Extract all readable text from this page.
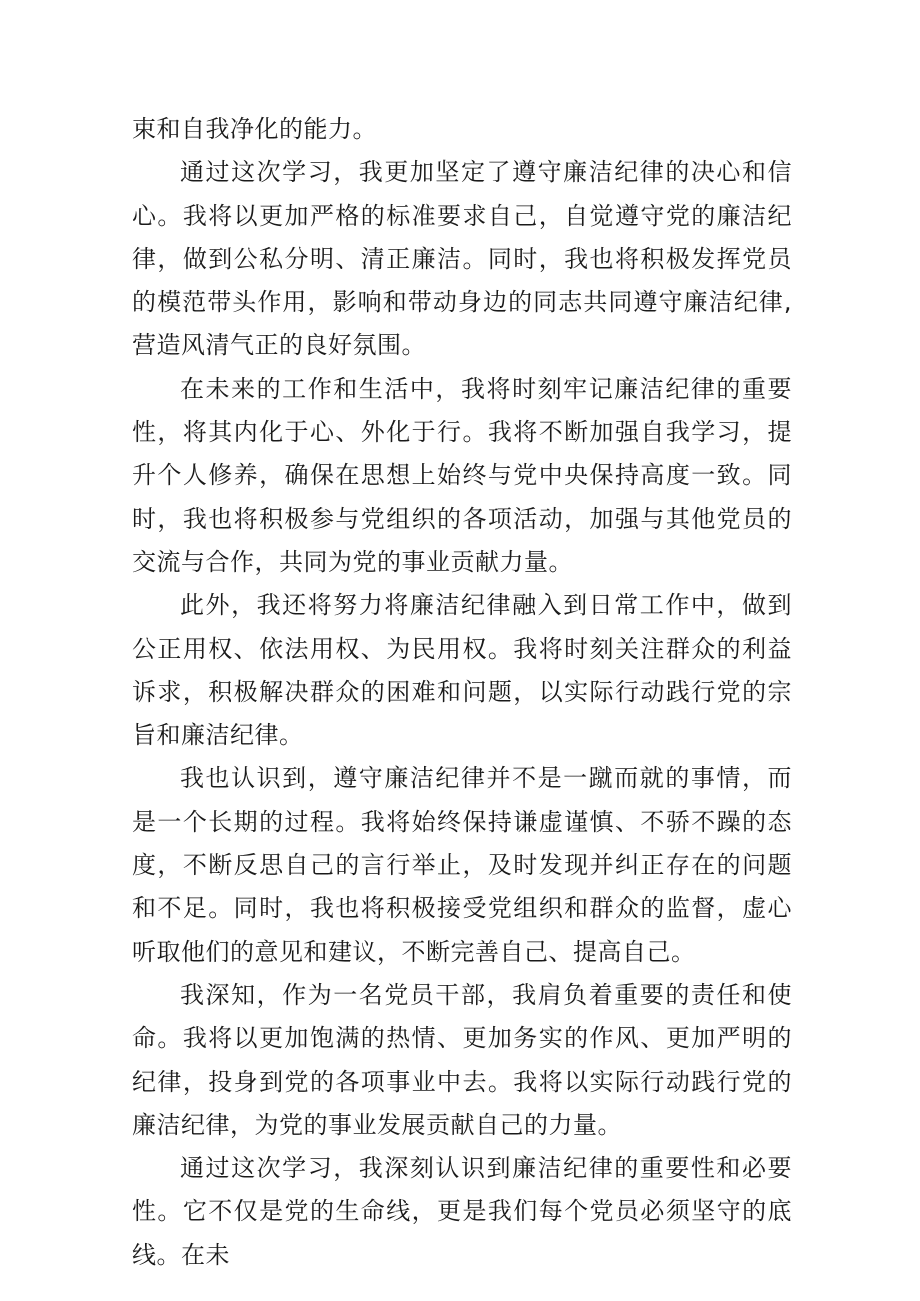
束和自我净化的能力。

通过这次学习，我更加坚定了遵守廉洁纪律的决心和信心。我将以更加严格的标准要求自己，自觉遵守党的廉洁纪律，做到公私分明、清正廉洁。同时，我也将积极发挥党员的模范带头作用，影响和带动身边的同志共同遵守廉洁纪律,营造风清气正的良好氛围。

在未来的工作和生活中，我将时刻牢记廉洁纪律的重要性，将其内化于心、外化于行。我将不断加强自我学习，提升个人修养，确保在思想上始终与党中央保持高度一致。同时，我也将积极参与党组织的各项活动，加强与其他党员的交流与合作，共同为党的事业贡献力量。

此外，我还将努力将廉洁纪律融入到日常工作中，做到公正用权、依法用权、为民用权。我将时刻关注群众的利益诉求，积极解决群众的困难和问题，以实际行动践行党的宗旨和廉洁纪律。

我也认识到，遵守廉洁纪律并不是一蹴而就的事情，而是一个长期的过程。我将始终保持谦虚谨慎、不骄不躁的态度，不断反思自己的言行举止，及时发现并纠正存在的问题和不足。同时，我也将积极接受党组织和群众的监督，虚心听取他们的意见和建议，不断完善自己、提高自己。

我深知，作为一名党员干部，我肩负着重要的责任和使命。我将以更加饱满的热情、更加务实的作风、更加严明的纪律，投身到党的各项事业中去。我将以实际行动践行党的廉洁纪律，为党的事业发展贡献自己的力量。

通过这次学习，我深刻认识到廉洁纪律的重要性和必要性。它不仅是党的生命线，更是我们每个党员必须坚守的底线。在未
